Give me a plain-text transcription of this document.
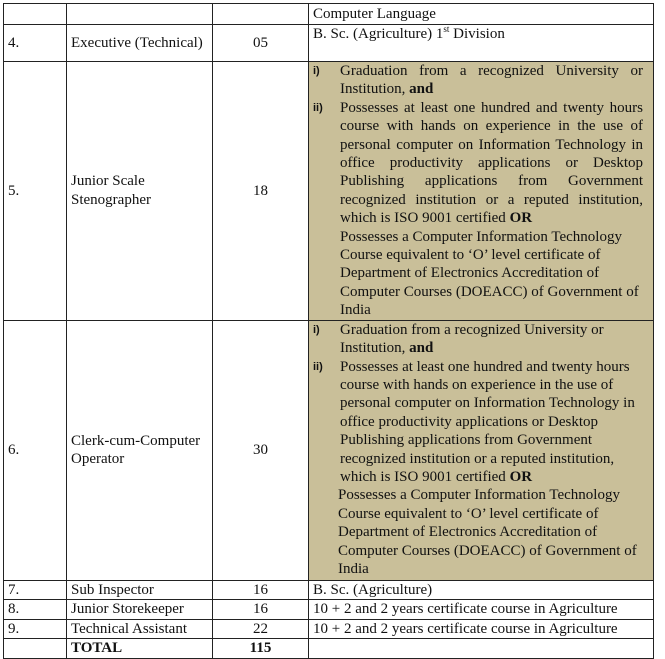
			Computer Language
4.	Executive (Technical)	05	B. Sc. (Agriculture) 1st Division
5.	Junior Scale Stenographer	18	i) Graduation from a recognized University or Institution, and
ii) Possesses at least one hundred and twenty hours course with hands on experience in the use of personal computer on Information Technology in office productivity applications or Desktop Publishing applications from Government recognized institution or a reputed institution, which is ISO 9001 certified OR
Possesses a Computer Information Technology Course equivalent to ‘O’ level certificate of Department of Electronics Accreditation of Computer Courses (DOEACC) of Government of India

6.	Clerk-cum-Computer Operator	30	i) Graduation from a recognized University or Institution, and
ii) Possesses at least one hundred and twenty hours course with hands on experience in the use of personal computer on Information Technology in office productivity applications or Desktop Publishing applications from Government recognized institution or a reputed institution, which is ISO 9001 certified OR
Possesses a Computer Information Technology Course equivalent to ‘O’ level certificate of Department of Electronics Accreditation of Computer Courses (DOEACC) of Government of India

7.	Sub Inspector	16	B. Sc. (Agriculture)
8.	Junior Storekeeper	16	10 + 2 and 2 years certificate course in Agriculture
9.	Technical Assistant	22	10 + 2 and 2 years certificate course in Agriculture
	TOTAL	115	
